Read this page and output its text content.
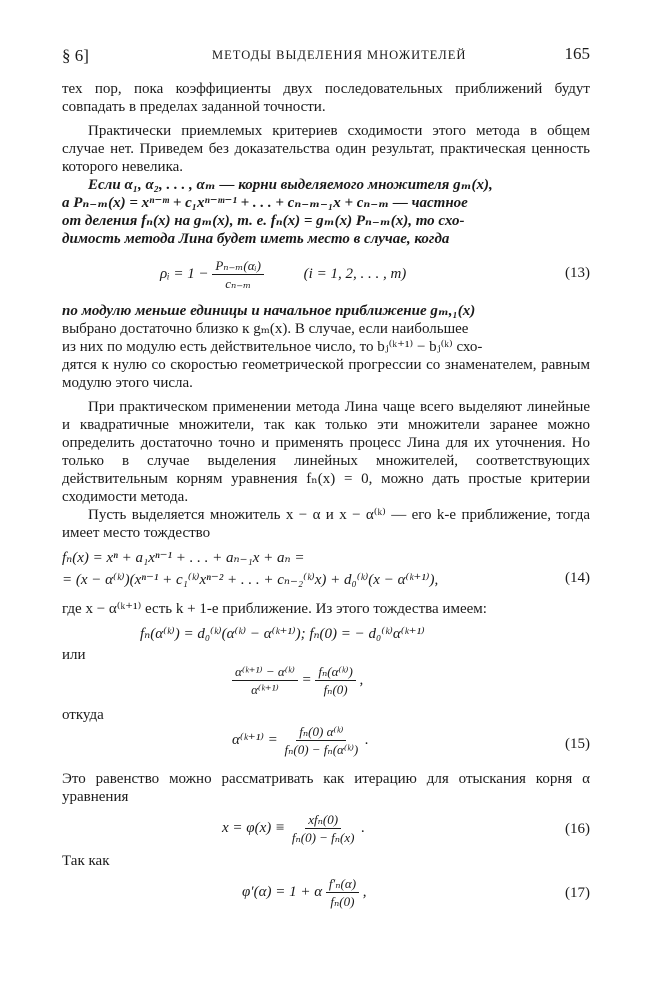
§ 6]	МЕТОДЫ ВЫДЕЛЕНИЯ МНОЖИТЕЛЕЙ	165

тех пор, пока коэффициенты двух последовательных приближений будут совпадать в пределах заданной точности.

Практически приемлемых критериев сходимости этого метода в общем случае нет. Приведем без доказательства один результат, практическая ценность которого невелика.

Если α₁, α₂, . . . , αₘ — корни выделяемого множителя gₘ(x),

а Pₙ₋ₘ(x) = xⁿ⁻ᵐ + c₁xⁿ⁻ᵐ⁻¹ + . . . + cₙ₋ₘ₋₁x + cₙ₋ₘ — частное

от деления fₙ(x) на gₘ(x), т. е. fₙ(x) = gₘ(x) Pₙ₋ₘ(x), то схо-

димость метода Лина будет иметь место в случае, когда

ρᵢ = $1 - \frac{\text{Pₙ₋ₘ(αᵢ)}}{\text{cₙ₋ₘ}}$	(i = 1, 2, . . . , m)	(13)

по модулю меньше единицы и начальное приближение gₘ,₁(x)

выбрано достаточно близко к gₘ(x). В случае, если наибольшее

из них по модулю есть действительное число, то bⱼ⁽ᵏ⁺¹⁾ − bⱼ⁽ᵏ⁾ схо-

дятся к нулю со скоростью геометрической прогрессии со знаменателем, равным модулю этого числа.

При практическом применении метода Лина чаще всего выделяют линейные и квадратичные множители, так как только эти множители заранее можно определить достаточно точно и применять процесс Лина для их уточнения. Но только в случае выделения линейных множителей, соответствующих действительным корням уравнения fₙ(x) = 0, можно дать простые критерии сходимости метода.

Пусть выделяется множитель x − α и x − α⁽ᵏ⁾ — его k-е приближение, тогда имеет место тождество

fₙ(x) = xⁿ + a₁xⁿ⁻¹ + . . . + aₙ₋₁x + aₙ =
= (x − α⁽ᵏ⁾)(xⁿ⁻¹ + c₁⁽ᵏ⁾xⁿ⁻² + . . . + cₙ₋₂⁽ᵏ⁾x) + d₀⁽ᵏ⁾(x − α⁽ᵏ⁺¹⁾),	(14)

где x − α⁽ᵏ⁺¹⁾ есть k + 1-е приближение. Из этого тождества имеем:

fₙ(α⁽ᵏ⁾) = d₀⁽ᵏ⁾(α⁽ᵏ⁾ − α⁽ᵏ⁺¹⁾); fₙ(0) = − d₀⁽ᵏ⁾α⁽ᵏ⁺¹⁾

или

$\frac{\text{α⁽ᵏ⁺¹⁾ − α⁽ᵏ⁾}}{\text{α⁽ᵏ⁺¹⁾}} = \frac{\text{fₙ(α⁽ᵏ⁾)}}{\text{fₙ(0)}}$ ,

откуда

α⁽ᵏ⁺¹⁾ = $\frac{\text{fₙ(0) α⁽ᵏ⁾}}{\text{fₙ(0) − fₙ(α⁽ᵏ⁾)}}$ .	(15)

Это равенство можно рассматривать как итерацию для отыскания корня α уравнения

$x = \varphi(x) \equiv \frac{\text{xfₙ(0)}}{\text{fₙ(0) − fₙ(x)}}$ .	(16)

Так как

φ′(α) = 1 + α $\frac{\text{f′ₙ(α)}}{\text{fₙ(0)}}$ ,	(17)
